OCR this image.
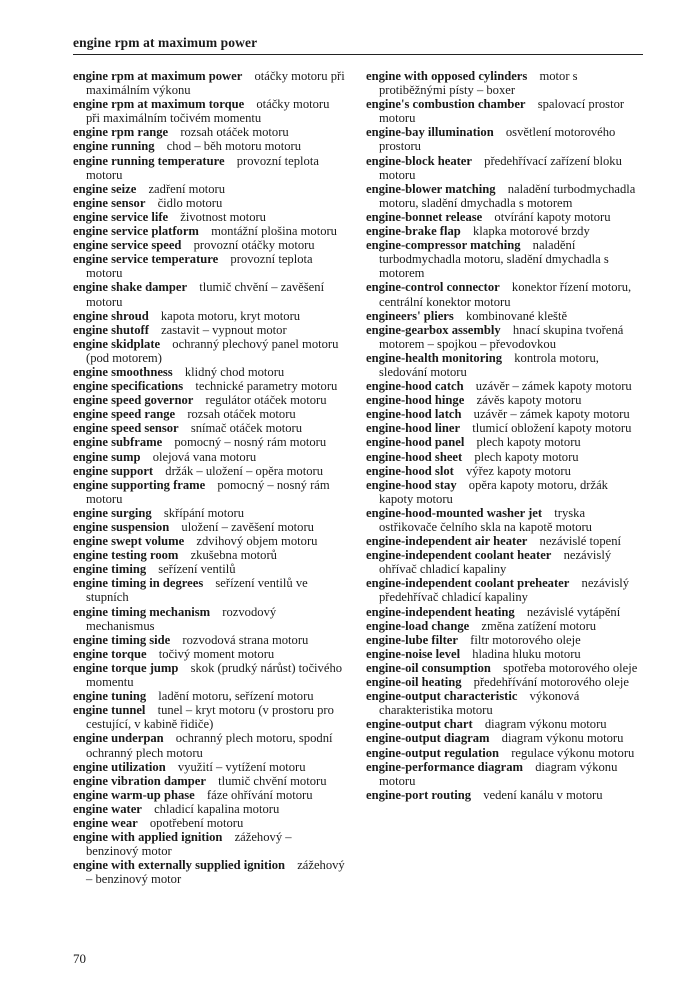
engine rpm at maximum power

engine rpm at maximum power otáčky motoru při maximálním výkonu

engine rpm at maximum torque otáčky motoru při maximálním točivém momentu

engine rpm range rozsah otáček motoru

engine running chod – běh motoru motoru

engine running temperature provozní teplota motoru

engine seize zadření motoru

engine sensor čidlo motoru

engine service life životnost motoru

engine service platform montážní plošina motoru

engine service speed provozní otáčky motoru

engine service temperature provozní teplota motoru

engine shake damper tlumič chvění – zavěšení motoru

engine shroud kapota motoru, kryt motoru

engine shutoff zastavit – vypnout motor

engine skidplate ochranný plechový panel motoru (pod motorem)

engine smoothness klidný chod motoru

engine specifications technické parametry motoru

engine speed governor regulátor otáček motoru

engine speed range rozsah otáček motoru

engine speed sensor snímač otáček motoru

engine subframe pomocný – nosný rám motoru

engine sump olejová vana motoru

engine support držák – uložení – opěra motoru

engine supporting frame pomocný – nosný rám motoru

engine surging skřípání motoru

engine suspension uložení – zavěšení motoru

engine swept volume zdvihový objem motoru

engine testing room zkušebna motorů

engine timing seřízení ventilů

engine timing in degrees seřízení ventilů ve stupních

engine timing mechanism rozvodový mechanismus

engine timing side rozvodová strana motoru

engine torque točivý moment motoru

engine torque jump skok (prudký nárůst) točivého momentu

engine tuning ladění motoru, seřízení motoru

engine tunnel tunel – kryt motoru (v prostoru pro cestující, v kabině řidiče)

engine underpan ochranný plech motoru, spodní ochranný plech motoru

engine utilization využití – vytížení motoru

engine vibration damper tlumič chvění motoru

engine warm-up phase fáze ohřívání motoru

engine water chladicí kapalina motoru

engine wear opotřebení motoru

engine with applied ignition zážehový – benzinový motor

engine with externally supplied ignition zážehový – benzinový motor

engine with opposed cylinders motor s protiběžnými písty – boxer

engine's combustion chamber spalovací prostor motoru

engine-bay illumination osvětlení motorového prostoru

engine-block heater předehřívací zařízení bloku motoru

engine-blower matching naladění turbodmychadla motoru, sladění dmychadla s motorem

engine-bonnet release otvírání kapoty motoru

engine-brake flap klapka motorové brzdy

engine-compressor matching naladění turbodmychadla motoru, sladění dmychadla s motorem

engine-control connector konektor řízení motoru, centrální konektor motoru

engineers' pliers kombinované kleště

engine-gearbox assembly hnací skupina tvořená motorem – spojkou – převodovkou

engine-health monitoring kontrola motoru, sledování motoru

engine-hood catch uzávěr – zámek kapoty motoru

engine-hood hinge závěs kapoty motoru

engine-hood latch uzávěr – zámek kapoty motoru

engine-hood liner tlumicí obložení kapoty motoru

engine-hood panel plech kapoty motoru

engine-hood sheet plech kapoty motoru

engine-hood slot výřez kapoty motoru

engine-hood stay opěra kapoty motoru, držák kapoty motoru

engine-hood-mounted washer jet tryska ostřikovače čelního skla na kapotě motoru

engine-independent air heater nezávislé topení

engine-independent coolant heater nezávislý ohřívač chladicí kapaliny

engine-independent coolant preheater nezávislý předehřívač chladicí kapaliny

engine-independent heating nezávislé vytápění

engine-load change změna zatížení motoru

engine-lube filter filtr motorového oleje

engine-noise level hladina hluku motoru

engine-oil consumption spotřeba motorového oleje

engine-oil heating předehřívání motorového oleje

engine-output characteristic výkonová charakteristika motoru

engine-output chart diagram výkonu motoru

engine-output diagram diagram výkonu motoru

engine-output regulation regulace výkonu motoru

engine-performance diagram diagram výkonu motoru

engine-port routing vedení kanálu v motoru

70
